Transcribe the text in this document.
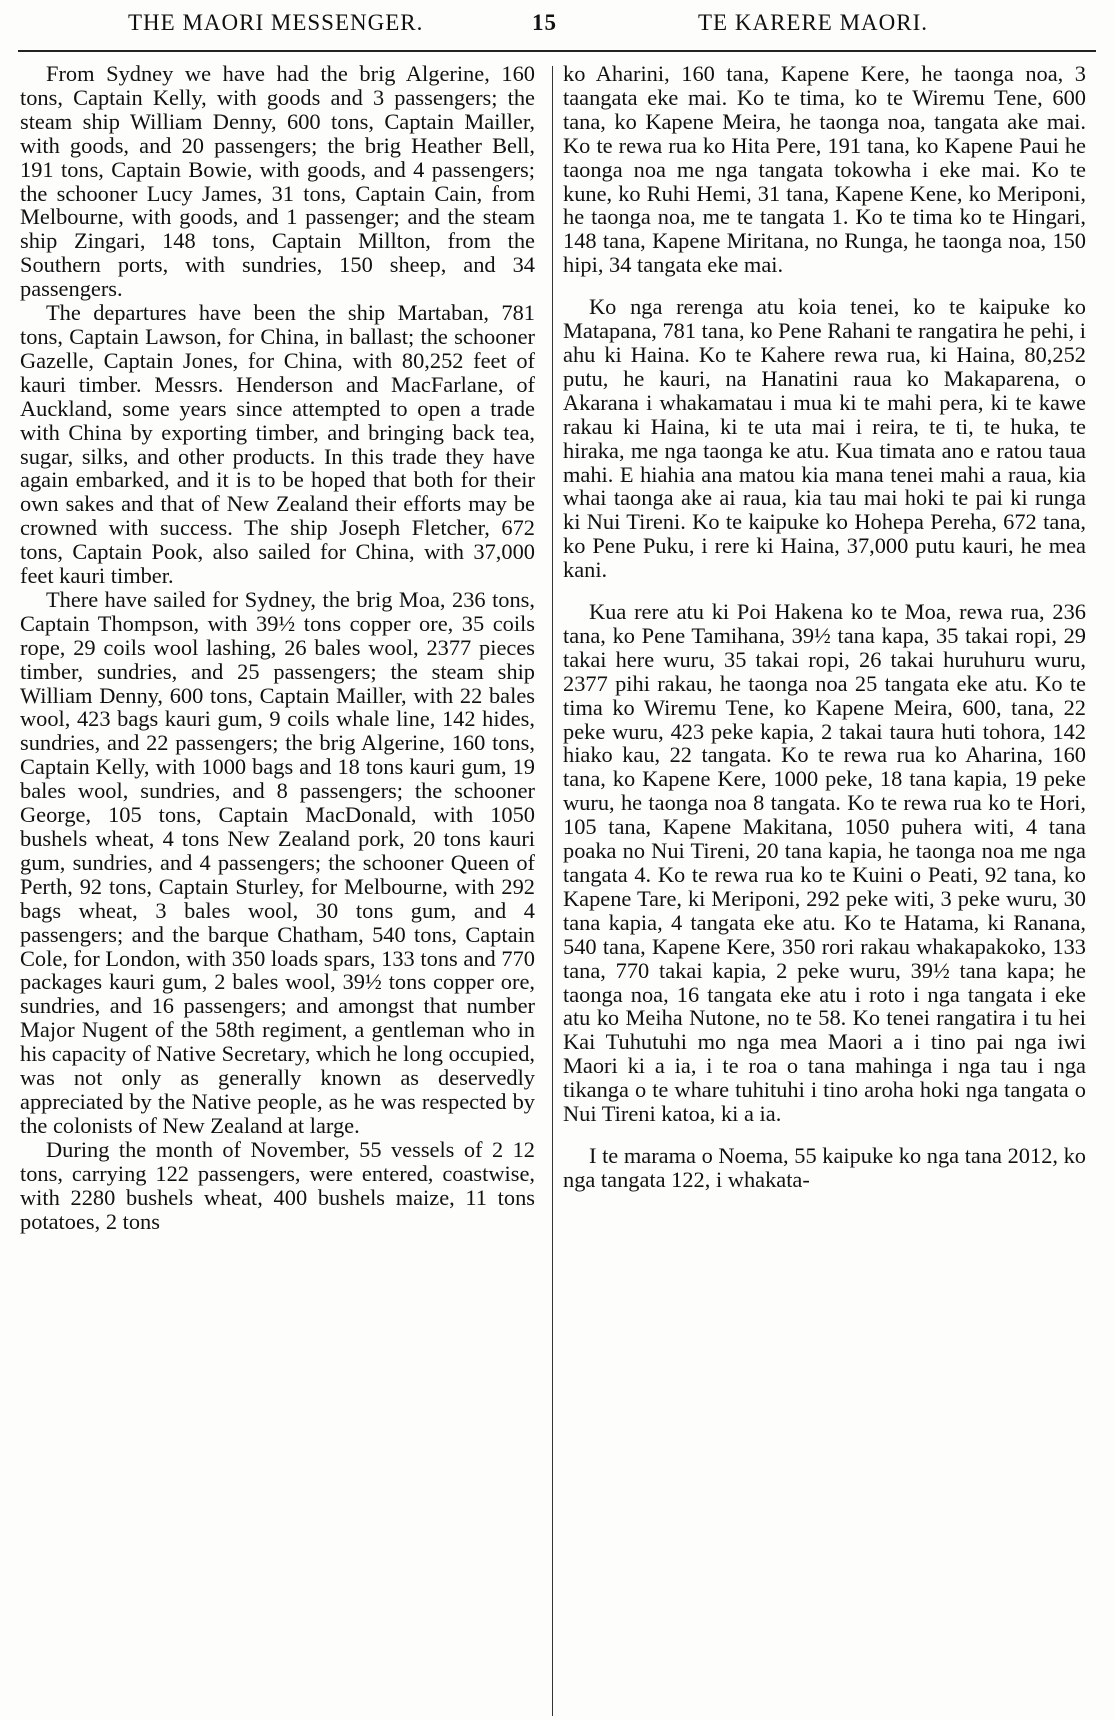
THE MAORI MESSENGER.	15	TE KARERE MAORI.

From Sydney we have had the brig Algerine, 160 tons, Captain Kelly, with goods and 3 passengers; the steam ship William Denny, 600 tons, Captain Mailler, with goods, and 20 passengers; the brig Heather Bell, 191 tons, Captain Bowie, with goods, and 4 passengers; the schooner Lucy James, 31 tons, Captain Cain, from Melbourne, with goods, and 1 passenger; and the steam ship Zingari, 148 tons, Captain Millton, from the Southern ports, with sundries, 150 sheep, and 34 passengers.

The departures have been the ship Martaban, 781 tons, Captain Lawson, for China, in ballast; the schooner Gazelle, Captain Jones, for China, with 80,252 feet of kauri timber. Messrs. Henderson and MacFarlane, of Auckland, some years since attempted to open a trade with China by exporting timber, and bringing back tea, sugar, silks, and other products. In this trade they have again embarked, and it is to be hoped that both for their own sakes and that of New Zealand their efforts may be crowned with success. The ship Joseph Fletcher, 672 tons, Captain Pook, also sailed for China, with 37,000 feet kauri timber.

There have sailed for Sydney, the brig Moa, 236 tons, Captain Thompson, with 39½ tons copper ore, 35 coils rope, 29 coils wool lashing, 26 bales wool, 2377 pieces timber, sundries, and 25 passengers; the steam ship William Denny, 600 tons, Captain Mailler, with 22 bales wool, 423 bags kauri gum, 9 coils whale line, 142 hides, sundries, and 22 passengers; the brig Algerine, 160 tons, Captain Kelly, with 1000 bags and 18 tons kauri gum, 19 bales wool, sundries, and 8 passengers; the schooner George, 105 tons, Captain MacDonald, with 1050 bushels wheat, 4 tons New Zealand pork, 20 tons kauri gum, sundries, and 4 passengers; the schooner Queen of Perth, 92 tons, Captain Sturley, for Melbourne, with 292 bags wheat, 3 bales wool, 30 tons gum, and 4 passengers; and the barque Chatham, 540 tons, Captain Cole, for London, with 350 loads spars, 133 tons and 770 packages kauri gum, 2 bales wool, 39½ tons copper ore, sundries, and 16 passengers; and amongst that number Major Nugent of the 58th regiment, a gentleman who in his capacity of Native Secretary, which he long occupied, was not only as generally known as deservedly appreciated by the Native people, as he was respected by the colonists of New Zealand at large.

During the month of November, 55 vessels of 2 12 tons, carrying 122 passengers, were entered, coastwise, with 2280 bushels wheat, 400 bushels maize, 11 tons potatoes, 2 tons

ko Aharini, 160 tana, Kapene Kere, he taonga noa, 3 taangata eke mai. Ko te tima, ko te Wiremu Tene, 600 tana, ko Kapene Meira, he taonga noa, tangata ake mai. Ko te rewa rua ko Hita Pere, 191 tana, ko Kapene Paui he taonga noa me nga tangata tokowha i eke mai. Ko te kune, ko Ruhi Hemi, 31 tana, Kapene Kene, ko Meriponi, he taonga noa, me te tangata 1. Ko te tima ko te Hingari, 148 tana, Kapene Miritana, no Runga, he taonga noa, 150 hipi, 34 tangata eke mai.

Ko nga rerenga atu koia tenei, ko te kaipuke ko Matapana, 781 tana, ko Pene Rahani te rangatira he pehi, i ahu ki Haina. Ko te Kahere rewa rua, ki Haina, 80,252 putu, he kauri, na Hanatini raua ko Makaparena, o Akarana i whakamatau i mua ki te mahi pera, ki te kawe rakau ki Haina, ki te uta mai i reira, te ti, te huka, te hiraka, me nga taonga ke atu. Kua timata ano e ratou taua mahi. E hiahia ana matou kia mana tenei mahi a raua, kia whai taonga ake ai raua, kia tau mai hoki te pai ki runga ki Nui Tireni. Ko te kaipuke ko Hohepa Pereha, 672 tana, ko Pene Puku, i rere ki Haina, 37,000 putu kauri, he mea kani.

Kua rere atu ki Poi Hakena ko te Moa, rewa rua, 236 tana, ko Pene Tamihana, 39½ tana kapa, 35 takai ropi, 29 takai here wuru, 35 takai ropi, 26 takai huruhuru wuru, 2377 pihi rakau, he taonga noa 25 tangata eke atu. Ko te tima ko Wiremu Tene, ko Kapene Meira, 600, tana, 22 peke wuru, 423 peke kapia, 2 takai taura huti tohora, 142 hiako kau, 22 tangata. Ko te rewa rua ko Aharina, 160 tana, ko Kapene Kere, 1000 peke, 18 tana kapia, 19 peke wuru, he taonga noa 8 tangata. Ko te rewa rua ko te Hori, 105 tana, Kapene Makitana, 1050 puhera witi, 4 tana poaka no Nui Tireni, 20 tana kapia, he taonga noa me nga tangata 4. Ko te rewa rua ko te Kuini o Peati, 92 tana, ko Kapene Tare, ki Meriponi, 292 peke witi, 3 peke wuru, 30 tana kapia, 4 tangata eke atu. Ko te Hatama, ki Ranana, 540 tana, Kapene Kere, 350 rori rakau whakapakoko, 133 tana, 770 takai kapia, 2 peke wuru, 39½ tana kapa; he taonga noa, 16 tangata eke atu i roto i nga tangata i eke atu ko Meiha Nutone, no te 58. Ko tenei rangatira i tu hei Kai Tuhutuhi mo nga mea Maori a i tino pai nga iwi Maori ki a ia, i te roa o tana mahinga i nga tau i nga tikanga o te whare tuhituhi i tino aroha hoki nga tangata o Nui Tireni katoa, ki a ia.

I te marama o Noema, 55 kaipuke ko nga tana 2012, ko nga tangata 122, i whakata-
